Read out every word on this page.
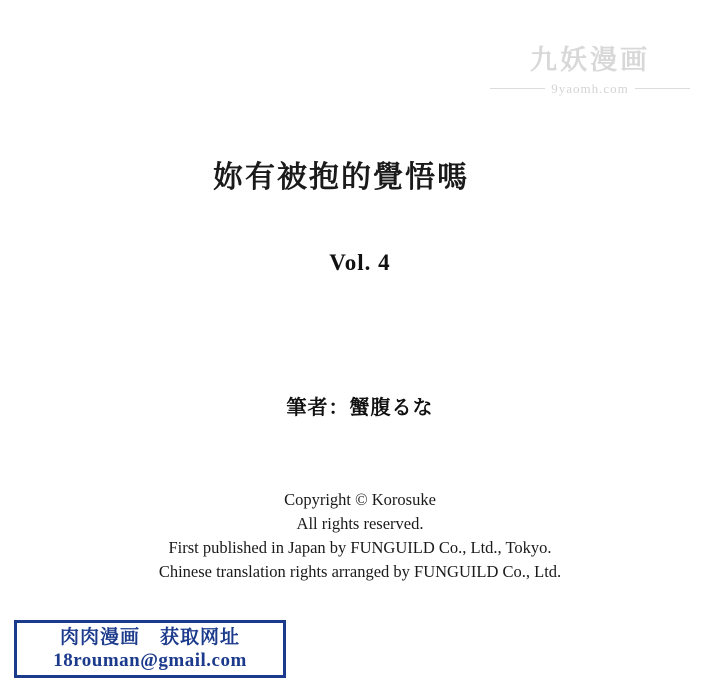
九妖漫画
9yaomh.com
妳有被抱的覺悟嗎
Vol. 4
筆者：蟹腹るな
Copyright © Korosuke
All rights reserved.
First published in Japan by FUNGUILD Co., Ltd., Tokyo.
Chinese translation rights arranged by FUNGUILD Co., Ltd.
肉肉漫画　获取网址
18rouman@gmail.com
